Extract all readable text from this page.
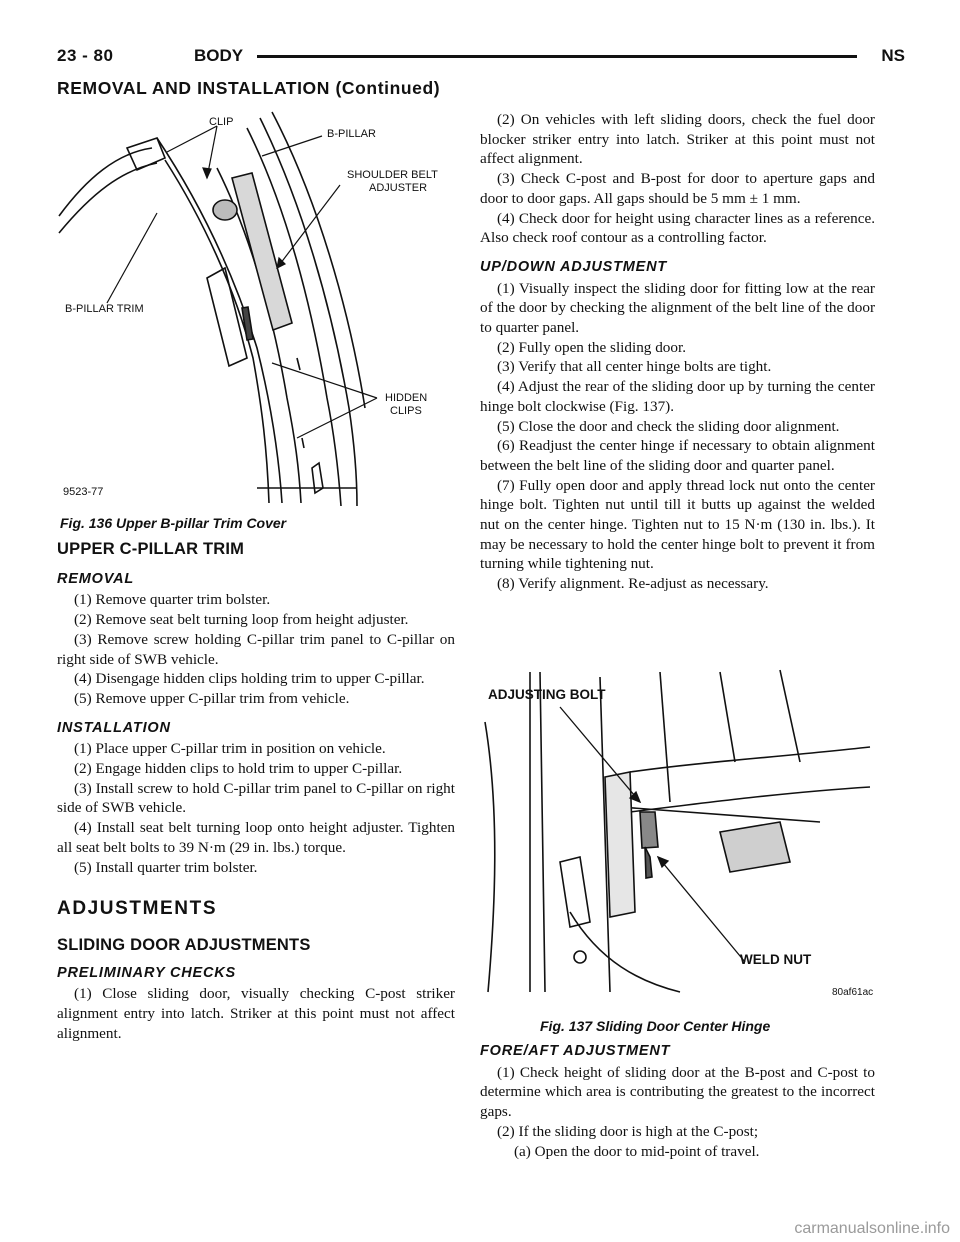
23 - 80	BODY	NS
REMOVAL AND INSTALLATION (Continued)
CLIP
B-PILLAR
SHOULDER BELT
ADJUSTER
B-PILLAR TRIM
HIDDEN
CLIPS
9523-77
Fig. 136 Upper B-pillar Trim Cover

UPPER C-PILLAR TRIM

REMOVAL

(1) Remove quarter trim bolster.

(2) Remove seat belt turning loop from height adjuster.

(3) Remove screw holding C-pillar trim panel to C-pillar on right side of SWB vehicle.

(4) Disengage hidden clips holding trim to upper C-pillar.

(5) Remove upper C-pillar trim from vehicle.

INSTALLATION

(1) Place upper C-pillar trim in position on vehicle.

(2) Engage hidden clips to hold trim to upper C-pillar.

(3) Install screw to hold C-pillar trim panel to C-pillar on right side of SWB vehicle.

(4) Install seat belt turning loop onto height adjuster. Tighten all seat belt bolts to 39 N·m (29 in. lbs.) torque.

(5) Install quarter trim bolster.

ADJUSTMENTS

SLIDING DOOR ADJUSTMENTS

PRELIMINARY CHECKS

(1) Close sliding door, visually checking C-post striker alignment entry into latch. Striker at this point must not affect alignment.

(2) On vehicles with left sliding doors, check the fuel door blocker striker entry into latch. Striker at this point must not affect alignment.

(3) Check C-post and B-post for door to aperture gaps and door to door gaps. All gaps should be 5 mm ± 1 mm.

(4) Check door for height using character lines as a reference. Also check roof contour as a controlling factor.

UP/DOWN ADJUSTMENT

(1) Visually inspect the sliding door for fitting low at the rear of the door by checking the alignment of the belt line of the door to quarter panel.

(2) Fully open the sliding door.

(3) Verify that all center hinge bolts are tight.

(4) Adjust the rear of the sliding door up by turning the center hinge bolt clockwise (Fig. 137).

(5) Close the door and check the sliding door alignment.

(6) Readjust the center hinge if necessary to obtain alignment between the belt line of the sliding door and quarter panel.

(7) Fully open door and apply thread lock nut onto the center hinge bolt. Tighten nut until till it butts up against the welded nut on the center hinge. Tighten nut to 15 N·m (130 in. lbs.). It may be necessary to hold the center hinge bolt to prevent it from turning while tightening nut.

(8) Verify alignment. Re-adjust as necessary.

ADJUSTING BOLT
WELD NUT
80af61ac
Fig. 137 Sliding Door Center Hinge

FORE/AFT ADJUSTMENT

(1) Check height of sliding door at the B-post and C-post to determine which area is contributing the greatest to the incorrect gaps.

(2) If the sliding door is high at the C-post;

(a) Open the door to mid-point of travel.

carmanualsonline.info
